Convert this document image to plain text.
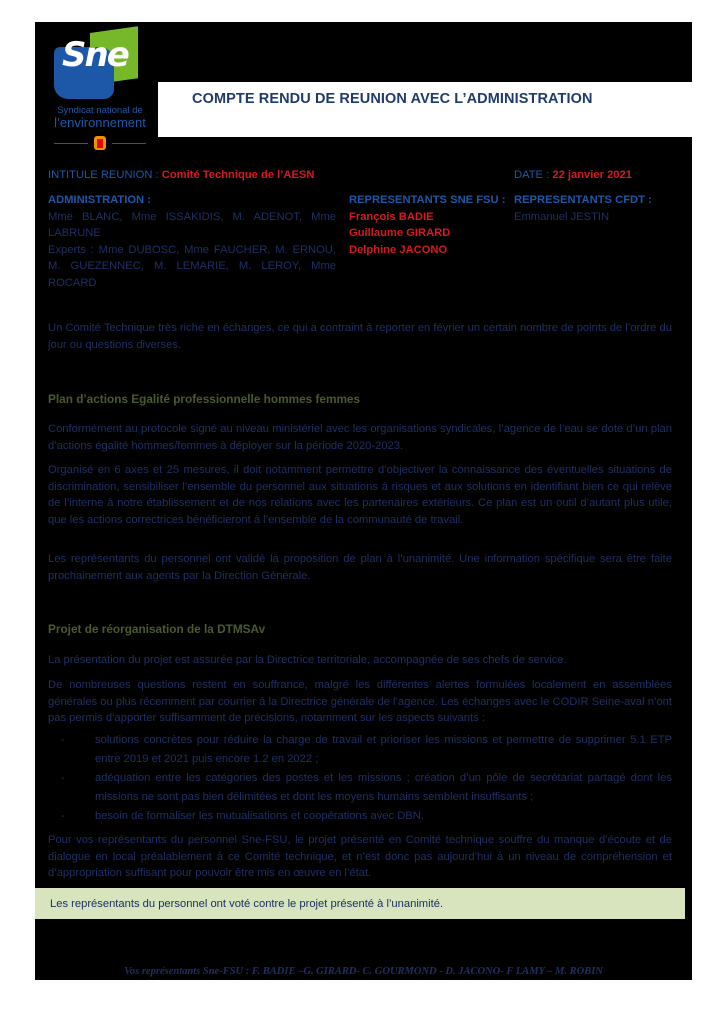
Sne
Syndicat national de
l’environnement
COMPTE RENDU DE REUNION AVEC L’ADMINISTRATION
INTITULE REUNION : Comité Technique de l’AESN	DATE : 22 janvier 2021
ADMINISTRATION :
Mme BLANC, Mme ISSAKIDIS, M. ADENOT, Mme LABRUNE
Experts : Mme DUBOSC, Mme FAUCHER, M. ERNOU, M. GUEZENNEC, M. LEMARIE, M. LEROY, Mme ROCARD
REPRESENTANTS SNE FSU :
François BADIE
Guillaume GIRARD
Delphine JACONO
REPRESENTANTS CFDT :
Emmanuel JESTIN
Un Comité Technique très riche en échanges, ce qui a contraint à reporter en février un certain nombre de points de l’ordre du jour ou questions diverses.
Plan d’actions Egalité professionnelle hommes femmes
Conformément au protocole signé au niveau ministériel avec les organisations syndicales, l’agence de l’eau se dote d’un plan d’actions égalité hommes/femmes à déployer sur la période 2020-2023.
Organisé en 6 axes et 25 mesures, il doit notamment permettre d’objectiver la connaissance des éventuelles situations de discrimination, sensibiliser l’ensemble du personnel aux situations à risques et aux solutions en identifiant bien ce qui relève de l’interne à notre établissement et de nos relations avec les partenaires extérieurs. Ce plan est un outil d’autant plus utile, que les actions correctrices bénéficieront à l’ensemble de la communauté de travail.
Les représentants du personnel ont validé la proposition de plan à l’unanimité. Une information spécifique sera être faite prochainement aux agents par la Direction Générale.
Projet de réorganisation de la DTMSAv
La présentation du projet est assurée par la Directrice territoriale, accompagnée de ses chefs de service.
De nombreuses questions restent en souffrance, malgré les différentes alertes formulées localement en assemblées générales ou plus récemment par courrier à la Directrice générale de l’agence. Les échanges avec le CODIR Seine-aval n’ont pas permis d’apporter suffisamment de précisions, notamment sur les aspects suivants :
- solutions concrètes pour réduire la charge de travail et prioriser les missions et permettre de supprimer 5.1 ETP entre 2019 et 2021 puis encore 1.2 en 2022 ;
- adéquation entre les catégories des postes et les missions ; création d’un pôle de secrétariat partagé dont les missions ne sont pas bien délimitées et dont les moyens humains semblent insuffisants ;
- besoin de formaliser les mutualisations et coopérations avec DBN.
Pour vos représentants du personnel Sne-FSU, le projet présenté en Comité technique souffre du manque d’écoute et de dialogue en local préalablement à ce Comité technique, et n’est donc pas aujourd’hui à un niveau de compréhension et d’appropriation suffisant pour pouvoir être mis en œuvre en l’état.
Les représentants du personnel ont voté contre le projet présenté à l’unanimité.
Vos représentants Sne-FSU : F. BADIE –G. GIRARD- C. GOURMOND - D. JACONO- F LAMY – M. ROBIN
